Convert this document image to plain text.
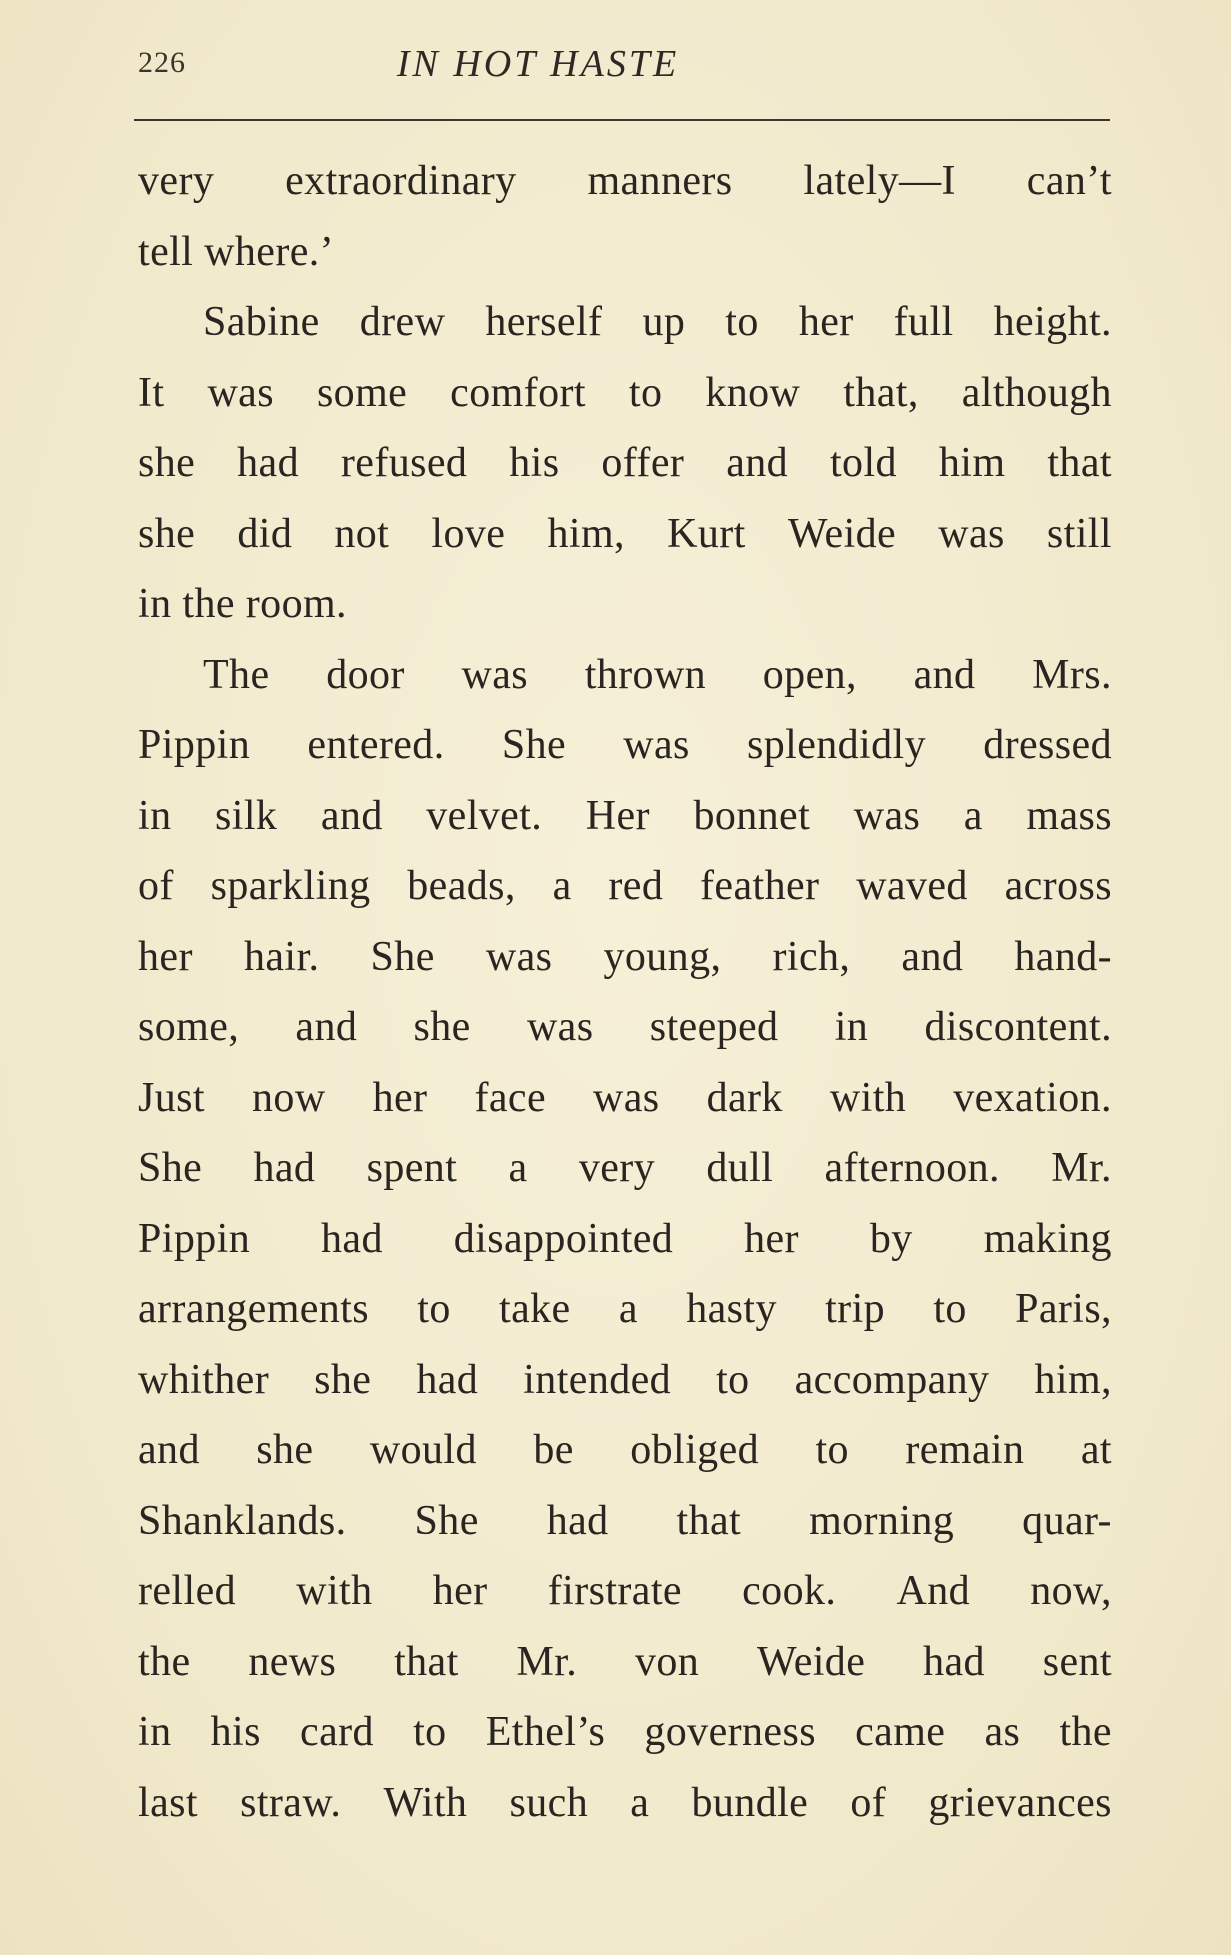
226	IN HOT HASTE
very extraordinary manners lately—I can’t
tell where.’
Sabine drew herself up to her full height.
It was some comfort to know that, although
she had refused his offer and told him that
she did not love him, Kurt Weide was still
in the room.
The door was thrown open, and Mrs.
Pippin entered. She was splendidly dressed
in silk and velvet. Her bonnet was a mass
of sparkling beads, a red feather waved across
her hair. She was young, rich, and hand-
some, and she was steeped in discontent.
Just now her face was dark with vexation.
She had spent a very dull afternoon. Mr.
Pippin had disappointed her by making
arrangements to take a hasty trip to Paris,
whither she had intended to accompany him,
and she would be obliged to remain at
Shanklands. She had that morning quar-
relled with her firstrate cook. And now,
the news that Mr. von Weide had sent
in his card to Ethel’s governess came as the
last straw. With such a bundle of grievances
